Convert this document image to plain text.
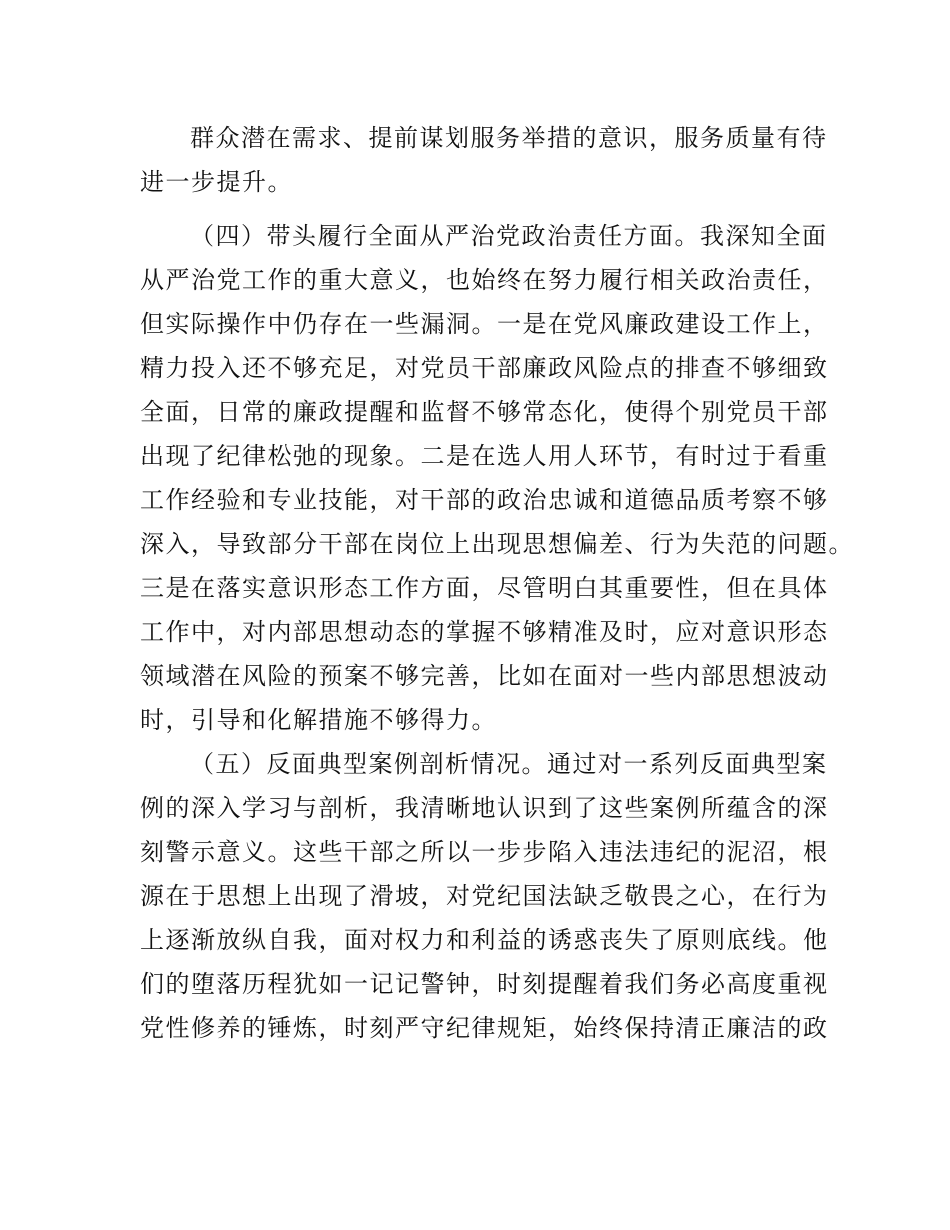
群众潜在需求、提前谋划服务举措的意识，服务质量有待
进一步提升。
（四）带头履行全面从严治党政治责任方面。我深知全面
从严治党工作的重大意义，也始终在努力履行相关政治责任，
但实际操作中仍存在一些漏洞。一是在党风廉政建设工作上，
精力投入还不够充足，对党员干部廉政风险点的排查不够细致
全面，日常的廉政提醒和监督不够常态化，使得个别党员干部
出现了纪律松弛的现象。二是在选人用人环节，有时过于看重
工作经验和专业技能，对干部的政治忠诚和道德品质考察不够
深入，导致部分干部在岗位上出现思想偏差、行为失范的问题。
三是在落实意识形态工作方面，尽管明白其重要性，但在具体
工作中，对内部思想动态的掌握不够精准及时，应对意识形态
领域潜在风险的预案不够完善，比如在面对一些内部思想波动
时，引导和化解措施不够得力。
（五）反面典型案例剖析情况。通过对一系列反面典型案
例的深入学习与剖析，我清晰地认识到了这些案例所蕴含的深
刻警示意义。这些干部之所以一步步陷入违法违纪的泥沼，根
源在于思想上出现了滑坡，对党纪国法缺乏敬畏之心，在行为
上逐渐放纵自我，面对权力和利益的诱惑丧失了原则底线。他
们的堕落历程犹如一记记警钟，时刻提醒着我们务必高度重视
党性修养的锤炼，时刻严守纪律规矩，始终保持清正廉洁的政
